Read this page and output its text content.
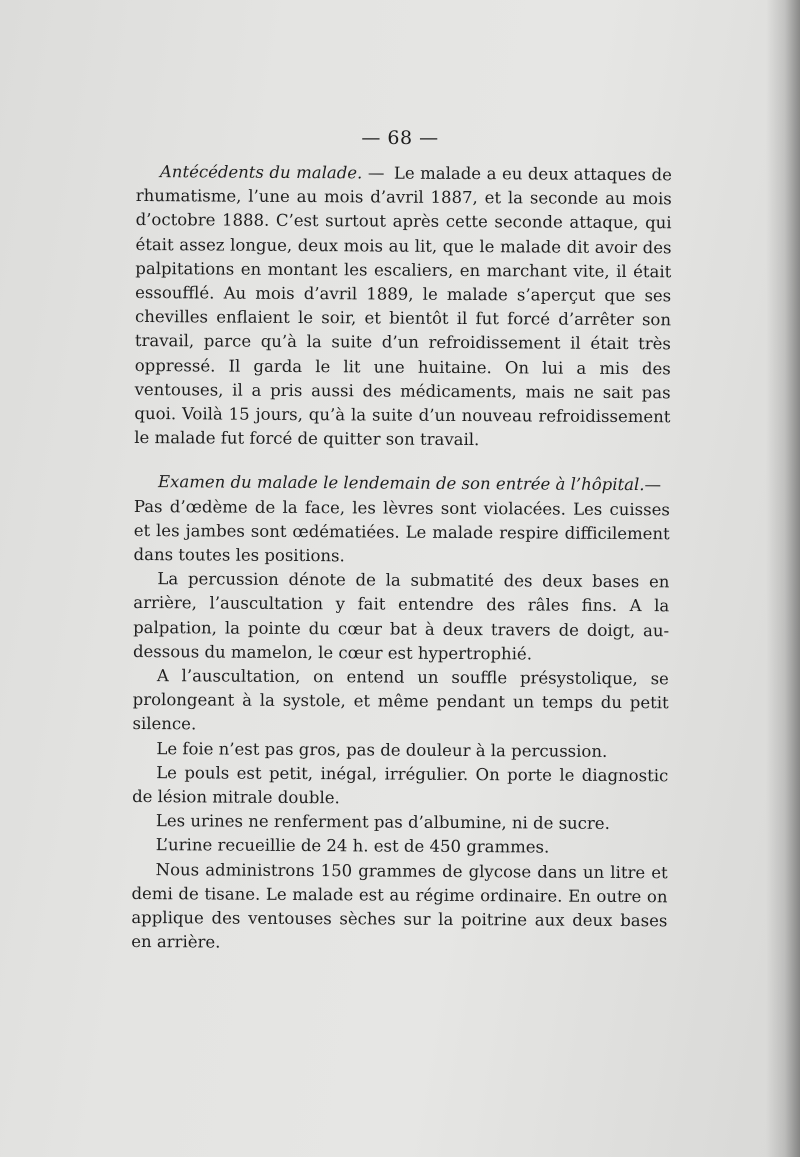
— 68 —

Antécédents du malade. — Le malade a eu deux attaques de rhumatisme, l’une au mois d’avril 1887, et la seconde au mois d’octobre 1888. C’est surtout après cette seconde attaque, qui était assez longue, deux mois au lit, que le malade dit avoir des palpitations en montant les escaliers, en marchant vite, il était essoufflé. Au mois d’avril 1889, le malade s’aperçut que ses chevilles enflaient le soir, et bientôt il fut forcé d’arrêter son travail, parce qu’à la suite d’un refroidissement il était très oppressé. Il garda le lit une huitaine. On lui a mis des ventouses, il a pris aussi des médicaments, mais ne sait pas quoi. Voilà 15 jours, qu’à la suite d’un nouveau refroidissement le malade fut forcé de quitter son travail.

Examen du malade le lendemain de son entrée à l’hôpital.—

Pas d’œdème de la face, les lèvres sont violacées. Les cuisses et les jambes sont œdématiées. Le malade respire difficilement dans toutes les positions.

La percussion dénote de la submatité des deux bases en arrière, l’auscultation y fait entendre des râles fins. A la palpation, la pointe du cœur bat à deux travers de doigt, au-dessous du mamelon, le cœur est hypertrophié.

A l’auscultation, on entend un souffle présystolique, se prolongeant à la systole, et même pendant un temps du petit silence.

Le foie n’est pas gros, pas de douleur à la percussion.

Le pouls est petit, inégal, irrégulier. On porte le diagnostic de lésion mitrale double.

Les urines ne renferment pas d’albumine, ni de sucre.

L’urine recueillie de 24 h. est de 450 grammes.

Nous administrons 150 grammes de glycose dans un litre et demi de tisane. Le malade est au régime ordinaire. En outre on applique des ventouses sèches sur la poitrine aux deux bases en arrière.
